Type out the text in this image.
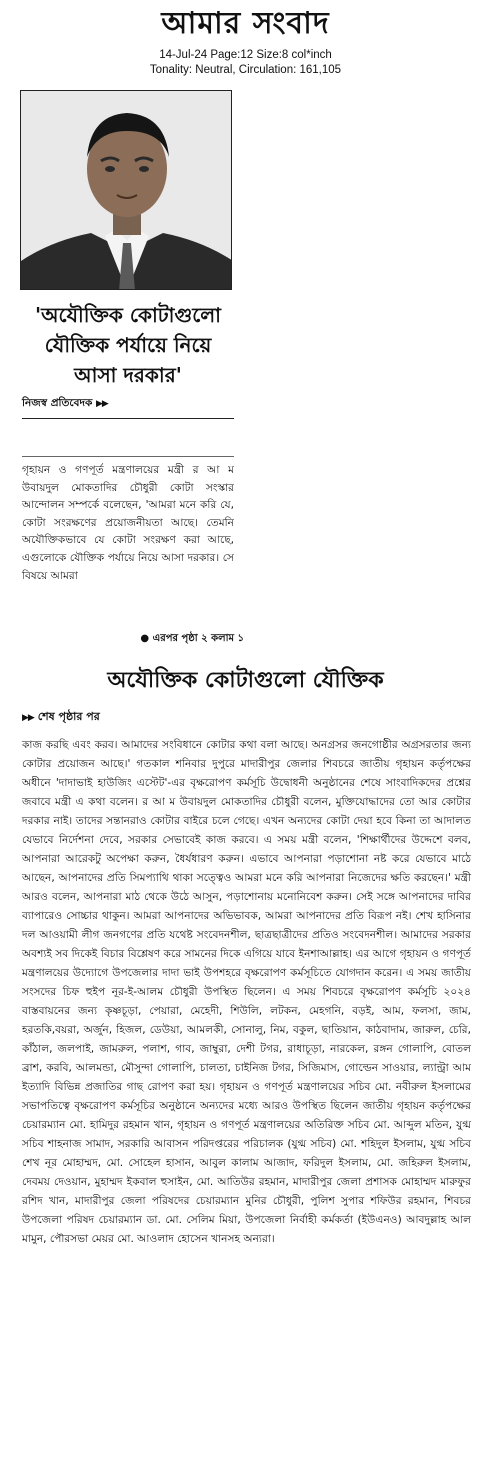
আমার সংবাদ
14-Jul-24 Page:12 Size:8 col*inch
Tonality: Neutral, Circulation: 161,105
'অযৌক্তিক কোটাগুলো যৌক্তিক পর্যায়ে নিয়ে আসা দরকার'
নিজস্ব প্রতিবেদক ▶▶
গৃহায়ন ও গণপূর্ত মন্ত্রণালয়ের মন্ত্রী র আ ম উবায়দুল মোকতাদির চৌধুরী কোটা সংস্কার আন্দোলন সম্পর্কে বলেছেন, 'আমরা মনে করি যে, কোটা সংরক্ষণের প্রয়োজনীয়তা আছে। তেমনি অযৌক্তিকভাবে যে কোটা সংরক্ষণ করা আছে, এগুলোকে যৌক্তিক পর্যায়ে নিয়ে আসা দরকার। সে বিষয়ে আমরা
● এরপর পৃষ্ঠা ২ কলাম ১
অযৌক্তিক কোটাগুলো যৌক্তিক
▶▶ শেষ পৃষ্ঠার পর
কাজ করছি এবং করব। আমাদের সংবিধানে কোটার কথা বলা আছে। অনগ্রসর জনগোষ্ঠীর অগ্রসরতার জন্য কোটার প্রয়োজন আছে।' গতকাল শনিবার দুপুরে মাদারীপুর জেলার শিবচরে জাতীয় গৃহায়ন কর্তৃপক্ষের অধীনে 'দাদাভাই হাউজিং এস্টেট'-এর বৃক্ষরোপণ কর্মসূচি উদ্বোধনী অনুষ্ঠানের শেষে সাংবাদিকদের প্রশ্নের জবাবে মন্ত্রী এ কথা বলেন। র আ ম উবায়দুল মোকতাদির চৌধুরী বলেন, মুক্তিযোদ্ধাদের তো আর কোটার দরকার নাই। তাদের সন্তানরাও কোটার বাইরে চলে গেছে। এখন অন্যদের কোটা দেয়া হবে কিনা তা আদালত যেভাবে নির্দেশনা দেবে, সরকার সেভাবেই কাজ করবে। এ সময় মন্ত্রী বলেন, 'শিক্ষার্থীদের উদ্দেশে বলব, আপনারা আরেকটু অপেক্ষা করুন, ধৈর্যধারণ করুন। এভাবে আপনারা পড়াশোনা নষ্ট করে যেভাবে মাঠে আছেন, আপনাদের প্রতি সিমপ্যাথি থাকা সত্ত্বেও আমরা মনে করি আপনারা নিজেদের ক্ষতি করছেন।' মন্ত্রী আরও বলেন, আপনারা মাঠ থেকে উঠে আসুন, পড়াশোনায় মনোনিবেশ করুন। সেই সঙ্গে আপনাদের দাবির ব্যাপারেও সোচ্চার থাকুন। আমরা আপনাদের অভিভাবক, আমরা আপনাদের প্রতি বিরূপ নই। শেখ হাসিনার দল আওয়ামী লীগ জনগণের প্রতি যথেষ্ট সংবেদনশীল, ছাত্রছাত্রীদের প্রতিও সংবেদনশীল। আমাদের সরকার অবশ্যই সব দিকেই বিচার বিশ্লেষণ করে সামনের দিকে এগিয়ে যাবে ইনশাআল্লাহ। এর আগে গৃহায়ন ও গণপূর্ত মন্ত্রণালয়ের উদ্যোগে উপজেলার দাদা ভাই উপশহরে বৃক্ষরোপণ কর্মসূচিতে যোগদান করেন। এ সময় জাতীয় সংসদের চিফ হুইপ নূর-ই-আলম চৌধুরী উপস্থিত ছিলেন। এ সময় শিবচরে বৃক্ষরোপণ কর্মসূচি ২০২৪ বাস্তবায়নের জন্য কৃষ্ণচূড়া, পেয়ারা, মেহেদী, শিউলি, লটকন, মেহগনি, বড়ই, আম, ফলসা, জাম, হরতকি,বয়রা, অর্জুন, হিজল, ডেউয়া, আমলকী, সোনালু, নিম, বকুল, ছাতিয়ান, কাঠবাদাম, জারুল, চেরি, কাঁঠাল, জলপাই, জামরুল, পলাশ, গাব, জাম্বুরা, দেশী টগর, রাধাচূড়া, নারকেল, রঙ্গন গোলাপি, বোতল ব্রাশ, করবি, আলমন্ডা, মৌসুন্দা গোলাপি, চালতা, চাইনিজ টগর, সিজিমাস, গোল্ডেন সাওয়ার, ল্যান্ট্রা আম ইত্যাদি বিভিন্ন প্রজাতির গাছ রোপণ করা হয়। গৃহায়ন ও গণপূর্ত মন্ত্রণালয়ের সচিব মো. নবীরুল ইসলামের সভাপতিত্বে বৃক্ষরোপণ কর্মসূচির অনুষ্ঠানে অন্যদের মধ্যে আরও উপস্থিত ছিলেন জাতীয় গৃহায়ন কর্তৃপক্ষের চেয়ারম্যান মো. হামিদুর রহমান খান, গৃহায়ন ও গণপূর্ত মন্ত্রণালয়ের অতিরিক্ত সচিব মো. আব্দুল মতিন, যুগ্ম সচিব শাহনাজ সামাদ, সরকারি আবাসন পরিদপ্তরের পরিচালক (যুগ্ম সচিব) মো. শহিদুল ইসলাম, যুগ্ম সচিব শেখ নূর মোহাম্মদ, মো. সোহেল হাসান, আবুল কালাম আজাদ, ফরিদুল ইসলাম, মো. জহিরুল ইসলাম, দেবময় দেওয়ান, মুহাম্মদ ইকবাল হুসাইন, মো. আতিউর রহমান, মাদারীপুর জেলা প্রশাসক মোহাম্মদ মারুফুর রশিদ খান, মাদারীপুর জেলা পরিষদের চেয়ারম্যান মুনির চৌধুরী, পুলিশ সুপার শফিউর রহমান, শিবচর উপজেলা পরিষদ চেয়ারম্যান ডা. মো. সেলিম মিয়া, উপজেলা নির্বাহী কর্মকর্তা (ইউএনও) আবদুল্লাহ আল মামুন, পৌরসভা মেয়র মো. আওলাদ হোসেন খানসহ অন্যরা।
